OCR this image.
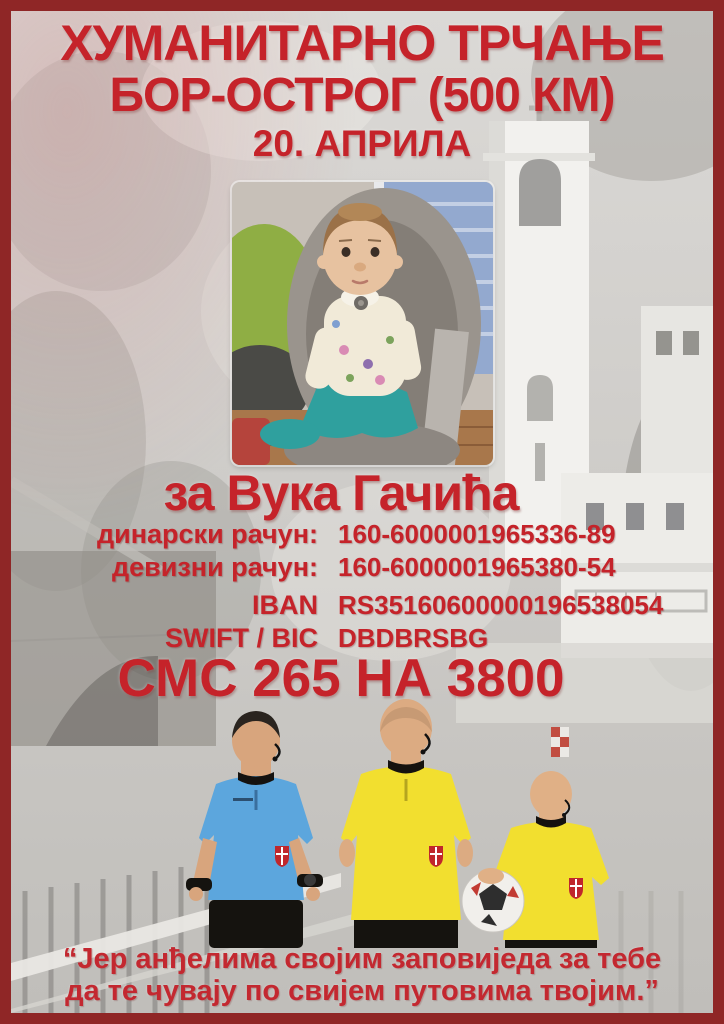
ХУМАНИТАРНО ТРЧАЊЕ
БОР-ОСТРОГ (500 КМ)
20. АПРИЛА
за Вука Гачића
динарски рачун: 160-6000001965336-89
девизни рачун: 160-6000001965380-54
IBAN RS35160600000196538054
SWIFT / BIC DBDBRSBG
СМС 265 НА 3800
“Јер анђелима својим заповиједа за тебе
да те чувају по свијем путовима твојим.”
